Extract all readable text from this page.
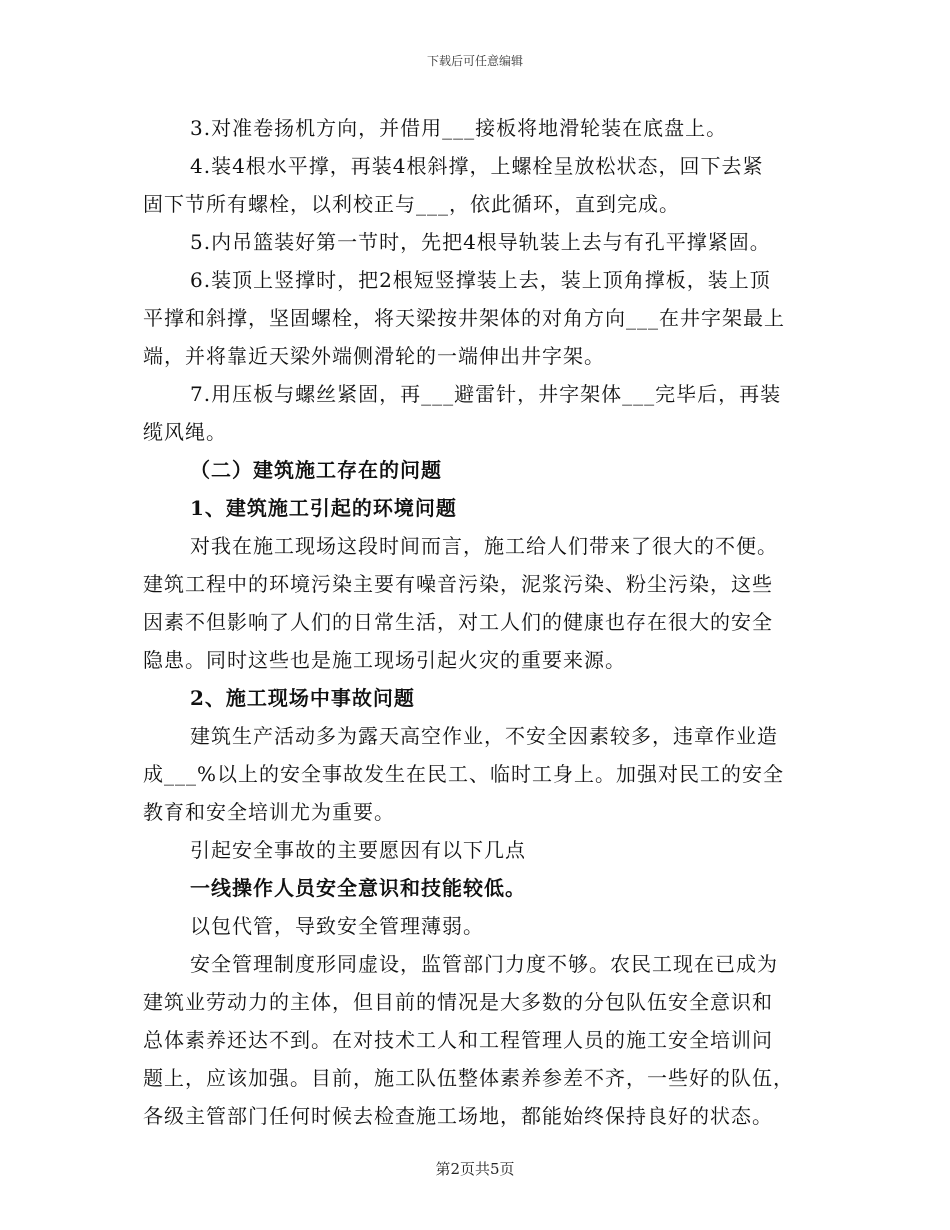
下载后可任意编辑
3.对准卷扬机方向，并借用___接板将地滑轮装在底盘上。
4.装4根水平撑，再装4根斜撑，上螺栓呈放松状态，回下去紧
固下节所有螺栓，以利校正与___，依此循环，直到完成。
5.内吊篮装好第一节时，先把4根导轨装上去与有孔平撑紧固。
6.装顶上竖撑时，把2根短竖撑装上去，装上顶角撑板，装上顶
平撑和斜撑，坚固螺栓，将天梁按井架体的对角方向___在井字架最上
端，并将靠近天梁外端侧滑轮的一端伸出井字架。
7.用压板与螺丝紧固，再___避雷针，井字架体___完毕后，再装
缆风绳。
（二）建筑施工存在的问题
1、建筑施工引起的环境问题
对我在施工现场这段时间而言，施工给人们带来了很大的不便。
建筑工程中的环境污染主要有噪音污染，泥浆污染、粉尘污染，这些
因素不但影响了人们的日常生活，对工人们的健康也存在很大的安全
隐患。同时这些也是施工现场引起火灾的重要来源。
2、施工现场中事故问题
建筑生产活动多为露天高空作业，不安全因素较多，违章作业造
成___%以上的安全事故发生在民工、临时工身上。加强对民工的安全
教育和安全培训尤为重要。
引起安全事故的主要愿因有以下几点
一线操作人员安全意识和技能较低。
以包代管，导致安全管理薄弱。
安全管理制度形同虚设，监管部门力度不够。农民工现在已成为
建筑业劳动力的主体，但目前的情况是大多数的分包队伍安全意识和
总体素养还达不到。在对技术工人和工程管理人员的施工安全培训问
题上，应该加强。目前，施工队伍整体素养参差不齐，一些好的队伍，
各级主管部门任何时候去检查施工场地，都能始终保持良好的状态。
第2页共5页
